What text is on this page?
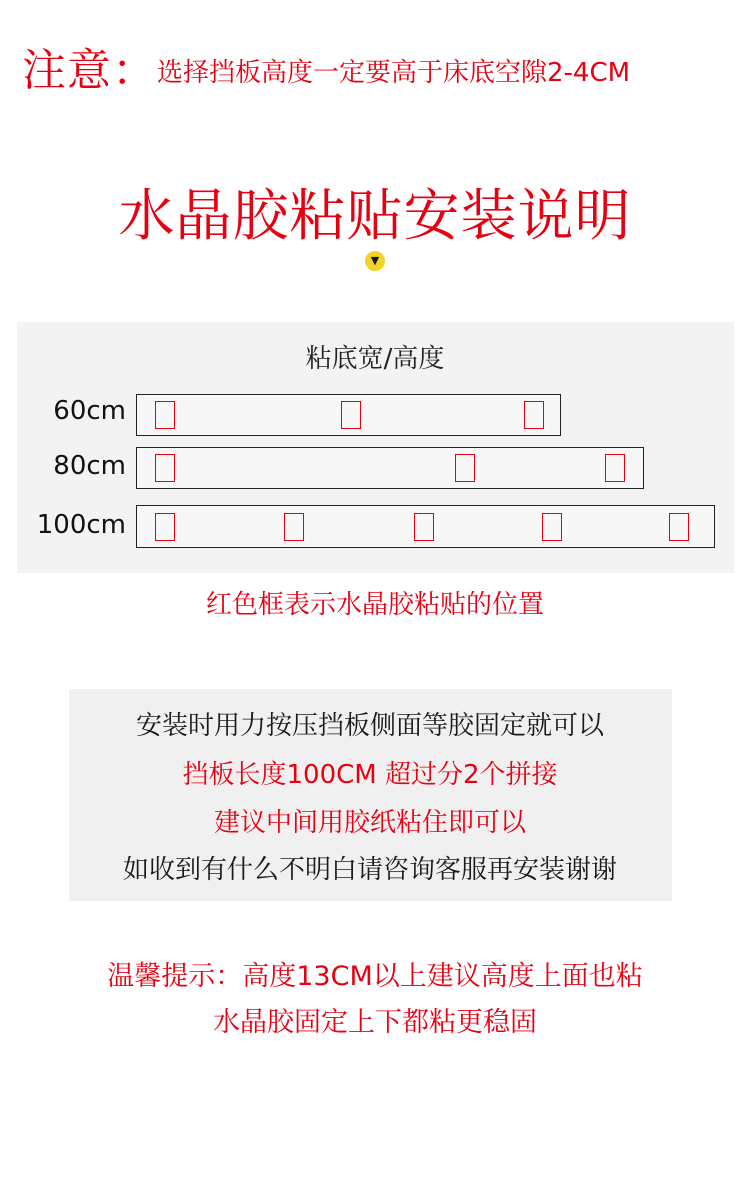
注意：选择挡板高度一定要高于床底空隙2-4CM
水晶胶粘贴安装说明
▼
粘底宽/高度
60cm
80cm
100cm
红色框表示水晶胶粘贴的位置
安装时用力按压挡板侧面等胶固定就可以
挡板长度100CM 超过分2个拼接
建议中间用胶纸粘住即可以
如收到有什么不明白请咨询客服再安装谢谢
温馨提示：高度13CM以上建议高度上面也粘
水晶胶固定上下都粘更稳固
